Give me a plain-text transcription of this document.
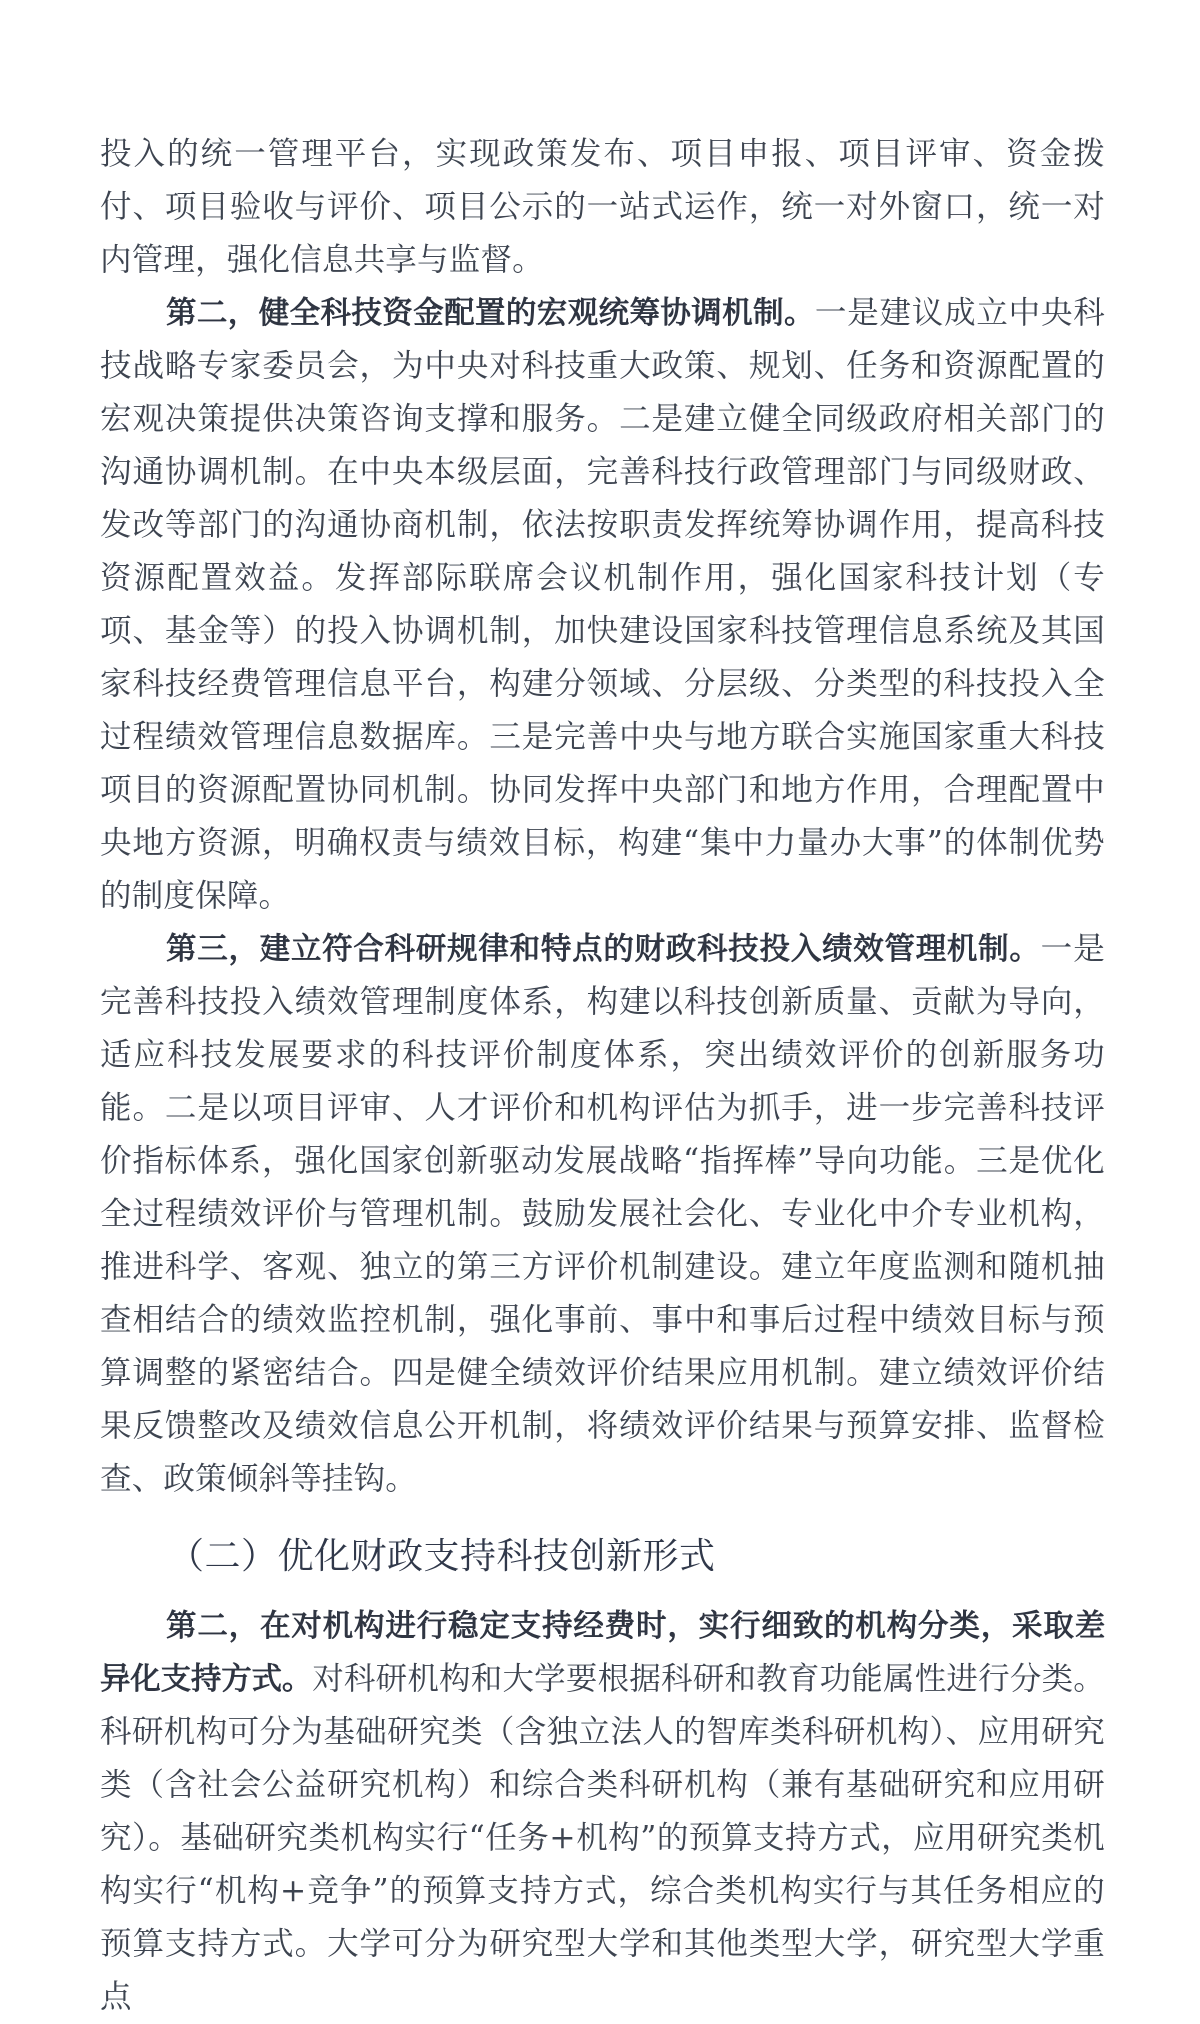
投入的统一管理平台，实现政策发布、项目申报、项目评审、资金拨付、项目验收与评价、项目公示的一站式运作，统一对外窗口，统一对内管理，强化信息共享与监督。

第二，健全科技资金配置的宏观统筹协调机制。一是建议成立中央科技战略专家委员会，为中央对科技重大政策、规划、任务和资源配置的宏观决策提供决策咨询支撑和服务。二是建立健全同级政府相关部门的沟通协调机制。在中央本级层面，完善科技行政管理部门与同级财政、发改等部门的沟通协商机制，依法按职责发挥统筹协调作用，提高科技资源配置效益。发挥部际联席会议机制作用，强化国家科技计划（专项、基金等）的投入协调机制，加快建设国家科技管理信息系统及其国家科技经费管理信息平台，构建分领域、分层级、分类型的科技投入全过程绩效管理信息数据库。三是完善中央与地方联合实施国家重大科技项目的资源配置协同机制。协同发挥中央部门和地方作用，合理配置中央地方资源，明确权责与绩效目标，构建“集中力量办大事”的体制优势的制度保障。

第三，建立符合科研规律和特点的财政科技投入绩效管理机制。一是完善科技投入绩效管理制度体系，构建以科技创新质量、贡献为导向，适应科技发展要求的科技评价制度体系，突出绩效评价的创新服务功能。二是以项目评审、人才评价和机构评估为抓手，进一步完善科技评价指标体系，强化国家创新驱动发展战略“指挥棒”导向功能。三是优化全过程绩效评价与管理机制。鼓励发展社会化、专业化中介专业机构，推进科学、客观、独立的第三方评价机制建设。建立年度监测和随机抽查相结合的绩效监控机制，强化事前、事中和事后过程中绩效目标与预算调整的紧密结合。四是健全绩效评价结果应用机制。建立绩效评价结果反馈整改及绩效信息公开机制，将绩效评价结果与预算安排、监督检查、政策倾斜等挂钩。

（二）优化财政支持科技创新形式

第二，在对机构进行稳定支持经费时，实行细致的机构分类，采取差异化支持方式。对科研机构和大学要根据科研和教育功能属性进行分类。科研机构可分为基础研究类（含独立法人的智库类科研机构）、应用研究类（含社会公益研究机构）和综合类科研机构（兼有基础研究和应用研究）。基础研究类机构实行“任务+机构”的预算支持方式，应用研究类机构实行“机构+竞争”的预算支持方式，综合类机构实行与其任务相应的预算支持方式。大学可分为研究型大学和其他类型大学，研究型大学重点
